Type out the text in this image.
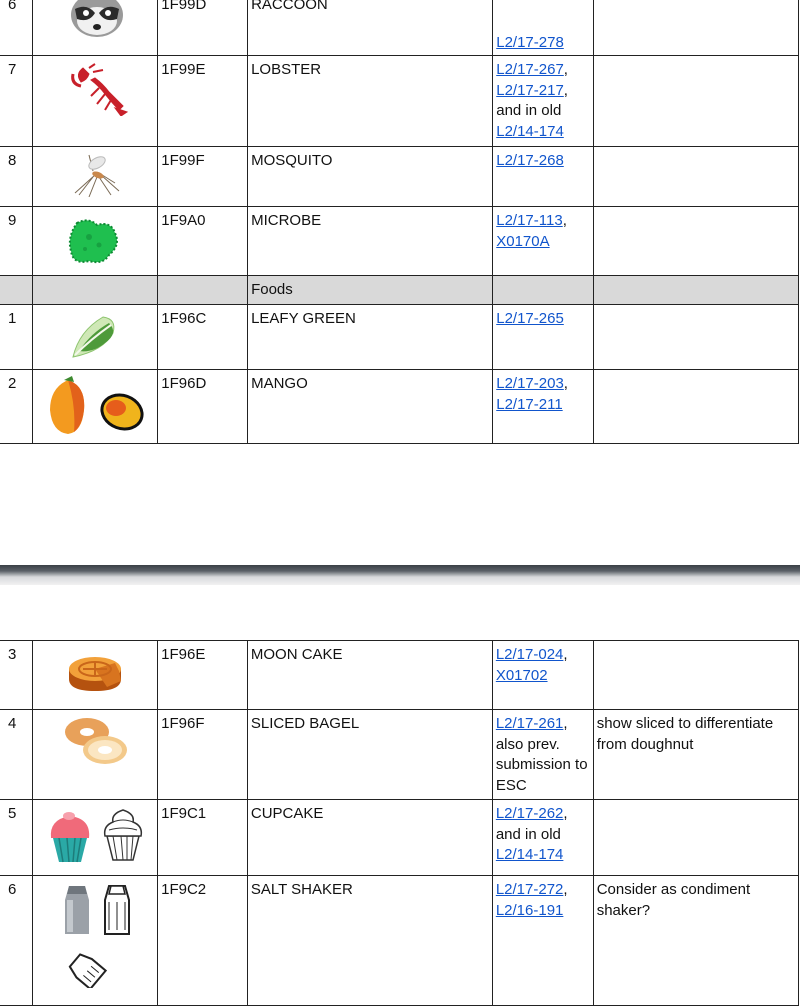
6		1F99D	RACCOON	L2/17-278	
7		1F99E	LOBSTER	L2/17-267,
L2/17-217,
and in old
L2/14-174	
8		1F99F	MOSQUITO	L2/17-268	
9		1F9A0	MICROBE	L2/17-113,
X0170A	
			Foods		
1		1F96C	LEAFY GREEN	L2/17-265	
2		1F96D	MANGO	L2/17-203,
L2/17-211	
3		1F96E	MOON CAKE	L2/17-024,
X01702	
4		1F96F	SLICED BAGEL	L2/17-261,
also prev.
submission to
ESC	show sliced to differentiate from doughnut
5		1F9C1	CUPCAKE	L2/17-262,
and in old
L2/14-174	
6		1F9C2	SALT SHAKER	L2/17-272,
L2/16-191	Consider as condiment shaker?
